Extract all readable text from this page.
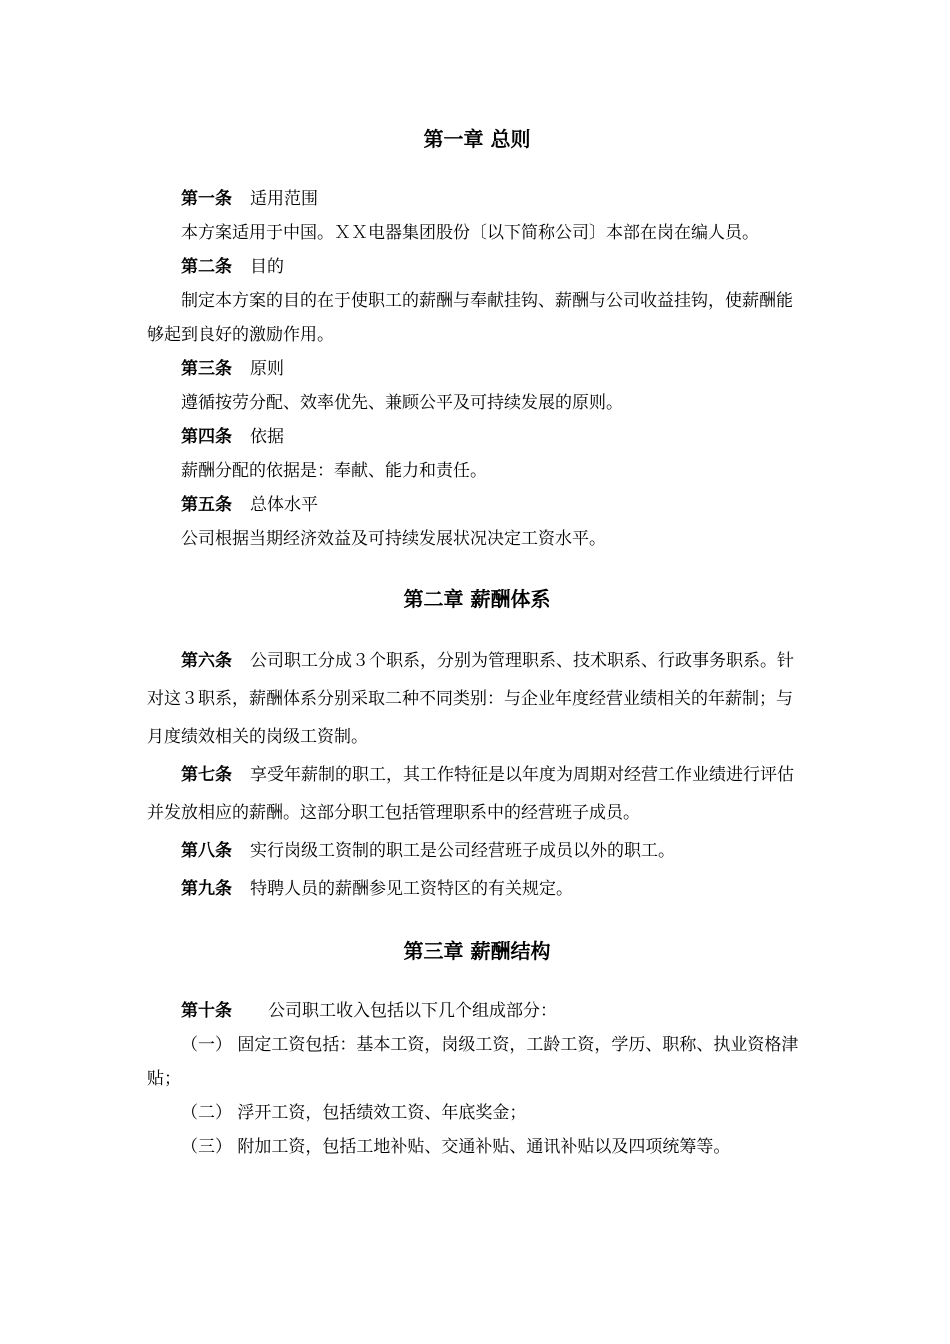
第一章 总则

第一条 适用范围

本方案适用于中国。ＸＸ电器集团股份〔以下简称公司〕本部在岗在编人员。

第二条 目的

制定本方案的目的在于使职工的薪酬与奉献挂钩、薪酬与公司收益挂钩，使薪酬能够起到良好的激励作用。

第三条 原则

遵循按劳分配、效率优先、兼顾公平及可持续发展的原则。

第四条 依据

薪酬分配的依据是：奉献、能力和责任。

第五条 总体水平

公司根据当期经济效益及可持续发展状况决定工资水平。

第二章 薪酬体系

第六条 公司职工分成３个职系，分别为管理职系、技术职系、行政事务职系。针对这３职系，薪酬体系分别采取二种不同类别：与企业年度经营业绩相关的年薪制；与月度绩效相关的岗级工资制。

第七条 享受年薪制的职工，其工作特征是以年度为周期对经营工作业绩进行评估并发放相应的薪酬。这部分职工包括管理职系中的经营班子成员。

第八条 实行岗级工资制的职工是公司经营班子成员以外的职工。

第九条 特聘人员的薪酬参见工资特区的有关规定。

第三章 薪酬结构

第十条 公司职工收入包括以下几个组成部分：

（一） 固定工资包括：基本工资，岗级工资，工龄工资，学历、职称、执业资格津贴；

（二） 浮开工资，包括绩效工资、年底奖金；

（三） 附加工资，包括工地补贴、交通补贴、通讯补贴以及四项统筹等。
